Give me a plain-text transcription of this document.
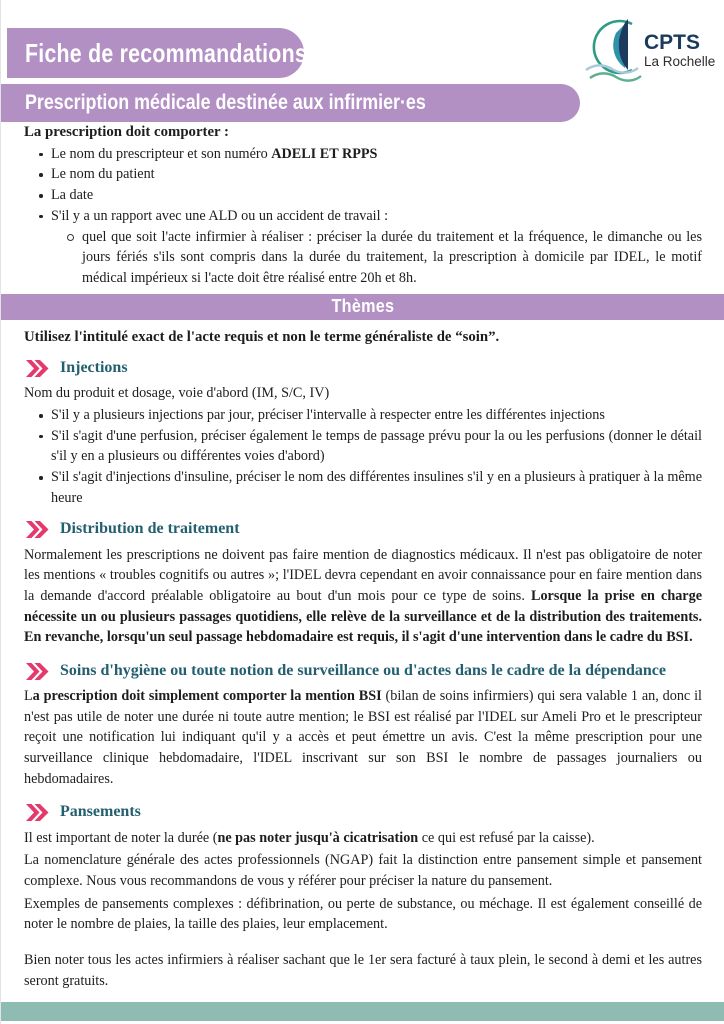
Fiche de recommandations	CPTS
La Rochelle
Prescription médicale destinée aux infirmier·es
La prescription doit comporter :
Le nom du prescripteur et son numéro ADELI ET RPPS
Le nom du patient
La date
S'il y a un rapport avec une ALD ou un accident de travail :
quel que soit l'acte infirmier à réaliser : préciser la durée du traitement et la fréquence, le dimanche ou les jours fériés s'ils sont compris dans la durée du traitement, la prescription à domicile par IDEL, le motif médical impérieux si l'acte doit être réalisé entre 20h et 8h.
Thèmes
Utilisez l'intitulé exact de l'acte requis et non le terme généraliste de “soin”.
Injections
Nom du produit et dosage, voie d'abord (IM, S/C, IV)
S'il y a plusieurs injections par jour, préciser l'intervalle à respecter entre les différentes injections
S'il s'agit d'une perfusion, préciser également le temps de passage prévu pour la ou les perfusions (donner le détail s'il y en a plusieurs ou différentes voies d'abord)
S'il s'agit d'injections d'insuline, préciser le nom des différentes insulines s'il y en a plusieurs à pratiquer à la même heure
Distribution de traitement

Normalement les prescriptions ne doivent pas faire mention de diagnostics médicaux. Il n'est pas obligatoire de noter les mentions « troubles cognitifs ou autres »; l'IDEL devra cependant en avoir connaissance pour en faire mention dans la demande d'accord préalable obligatoire au bout d'un mois pour ce type de soins. Lorsque la prise en charge nécessite un ou plusieurs passages quotidiens, elle relève de la surveillance et de la distribution des traitements. En revanche, lorsqu'un seul passage hebdomadaire est requis, il s'agit d'une intervention dans le cadre du BSI.

Soins d'hygiène ou toute notion de surveillance ou d'actes dans le cadre de la dépendance

La prescription doit simplement comporter la mention BSI (bilan de soins infirmiers) qui sera valable 1 an, donc il n'est pas utile de noter une durée ni toute autre mention; le BSI est réalisé par l'IDEL sur Ameli Pro et le prescripteur reçoit une notification lui indiquant qu'il y a accès et peut émettre un avis. C'est la même prescription pour une surveillance clinique hebdomadaire, l'IDEL inscrivant sur son BSI le nombre de passages journaliers ou hebdomadaires.

Pansements

Il est important de noter la durée (ne pas noter jusqu'à cicatrisation ce qui est refusé par la caisse).

La nomenclature générale des actes professionnels (NGAP) fait la distinction entre pansement simple et pansement complexe. Nous vous recommandons de vous y référer pour préciser la nature du pansement.

Exemples de pansements complexes : défibrination, ou perte de substance, ou méchage. Il est également conseillé de noter le nombre de plaies, la taille des plaies, leur emplacement.

Bien noter tous les actes infirmiers à réaliser sachant que le 1er sera facturé à taux plein, le second à demi et les autres seront gratuits.
